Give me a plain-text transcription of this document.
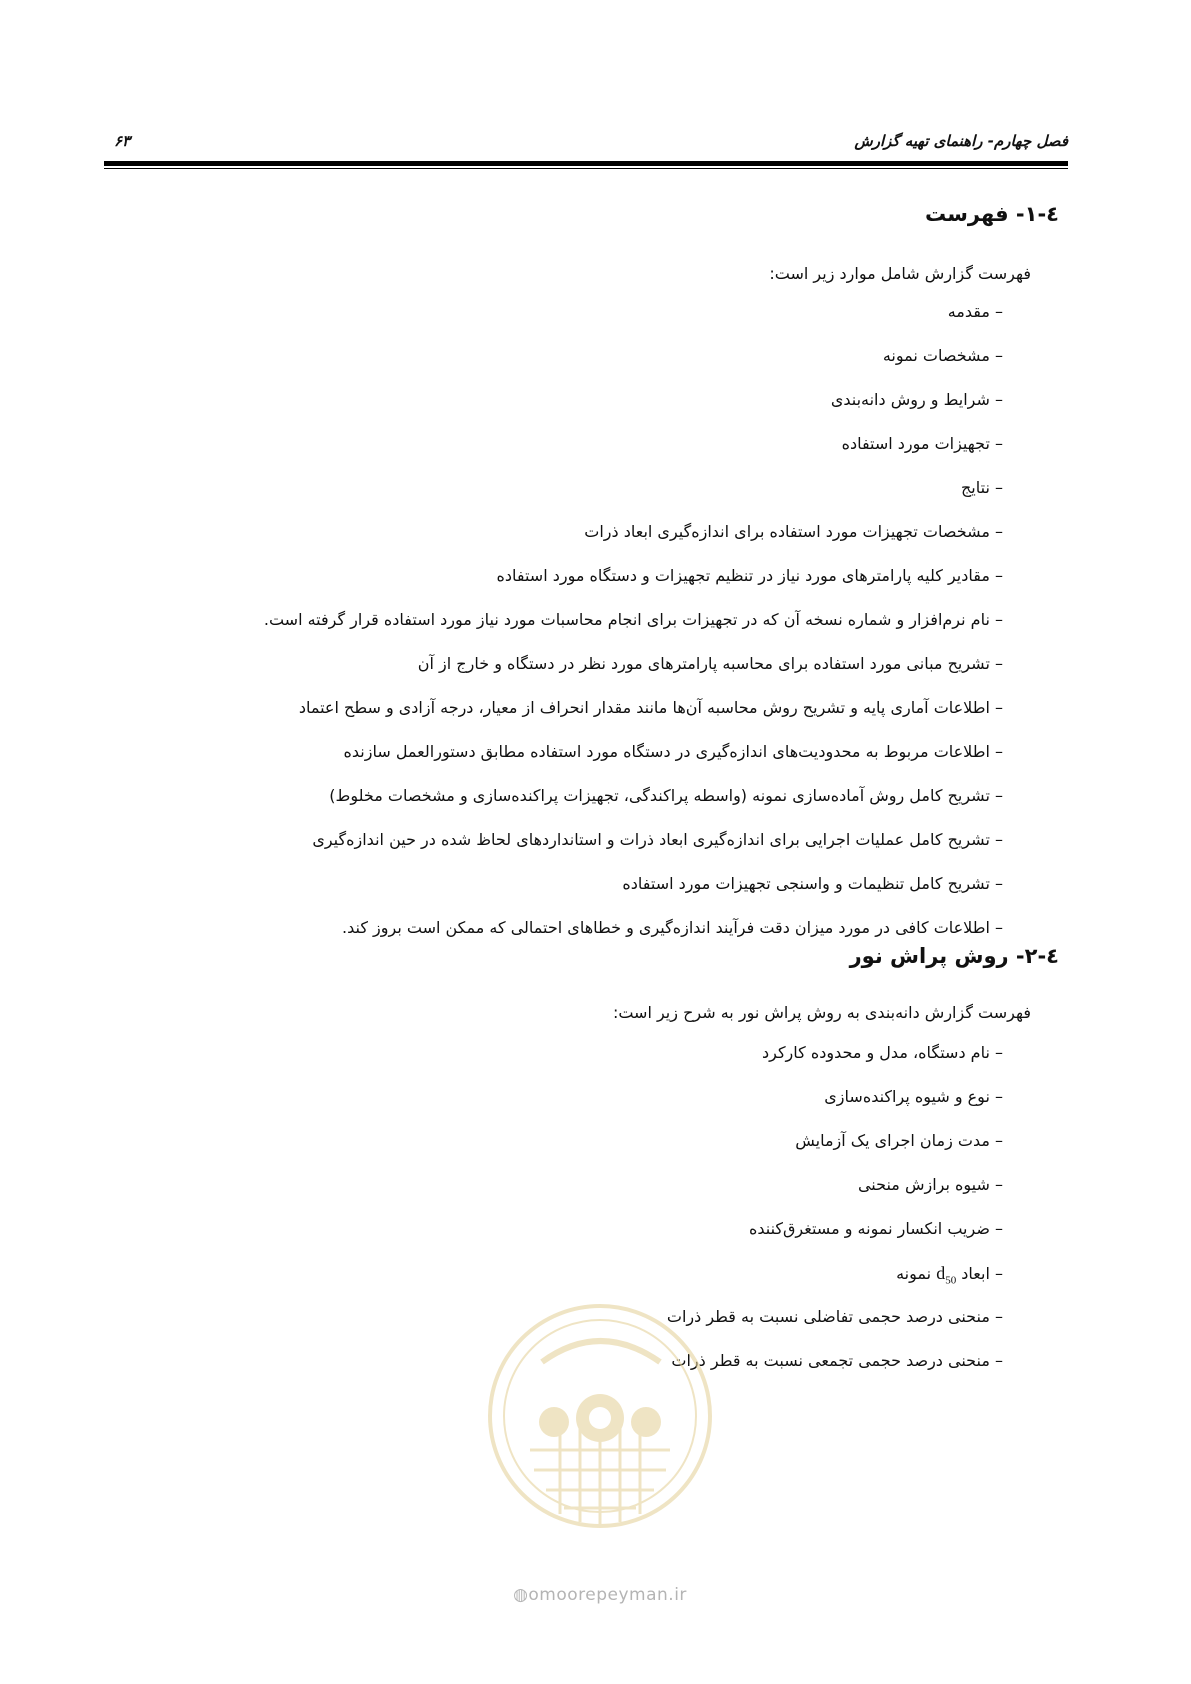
فصل چهارم- راهنمای تهیه گزارش
۶۳
٤-١- فهرست
فهرست گزارش شامل موارد زیر است:
– مقدمه
– مشخصات نمونه
– شرایط و روش دانه‌بندی
– تجهیزات مورد استفاده
– نتایج
– مشخصات تجهیزات مورد استفاده برای اندازه‌گیری ابعاد ذرات
– مقادیر کلیه پارامترهای مورد نیاز در تنظیم تجهیزات و دستگاه مورد استفاده
– نام نرم‌افزار و شماره نسخه آن که در تجهیزات برای انجام محاسبات مورد نیاز مورد استفاده قرار گرفته است.
– تشریح مبانی مورد استفاده برای محاسبه پارامترهای مورد نظر در دستگاه و خارج از آن
– اطلاعات آماری پایه و تشریح روش محاسبه آن‌ها مانند مقدار انحراف از معیار، درجه آزادی و سطح اعتماد
– اطلاعات مربوط به محدودیت‌های اندازه‌گیری در دستگاه مورد استفاده مطابق دستورالعمل سازنده
– تشریح کامل روش آماده‌سازی نمونه (واسطه پراکندگی، تجهیزات پراکنده‌سازی و مشخصات مخلوط)
– تشریح کامل عملیات اجرایی برای اندازه‌گیری ابعاد ذرات و استانداردهای لحاظ شده در حین اندازه‌گیری
– تشریح کامل تنظیمات و واسنجی تجهیزات مورد استفاده
– اطلاعات کافی در مورد میزان دقت فرآیند اندازه‌گیری و خطاهای احتمالی که ممکن است بروز کند.
٤-٢- روش پراش نور
فهرست گزارش دانه‌بندی به روش پراش نور به شرح زیر است:
– نام دستگاه، مدل و محدوده کارکرد
– نوع و شیوه پراکنده‌سازی
– مدت زمان اجرای یک آزمایش
– شیوه برازش منحنی
– ضریب انکسار نمونه و مستغرق‌کننده
– ابعاد $d_{50}$ نمونه
– منحنی درصد حجمی تفاضلی نسبت به قطر ذرات
– منحنی درصد حجمی تجمعی نسبت به قطر ذرات
◍omoorepeyman.ir
